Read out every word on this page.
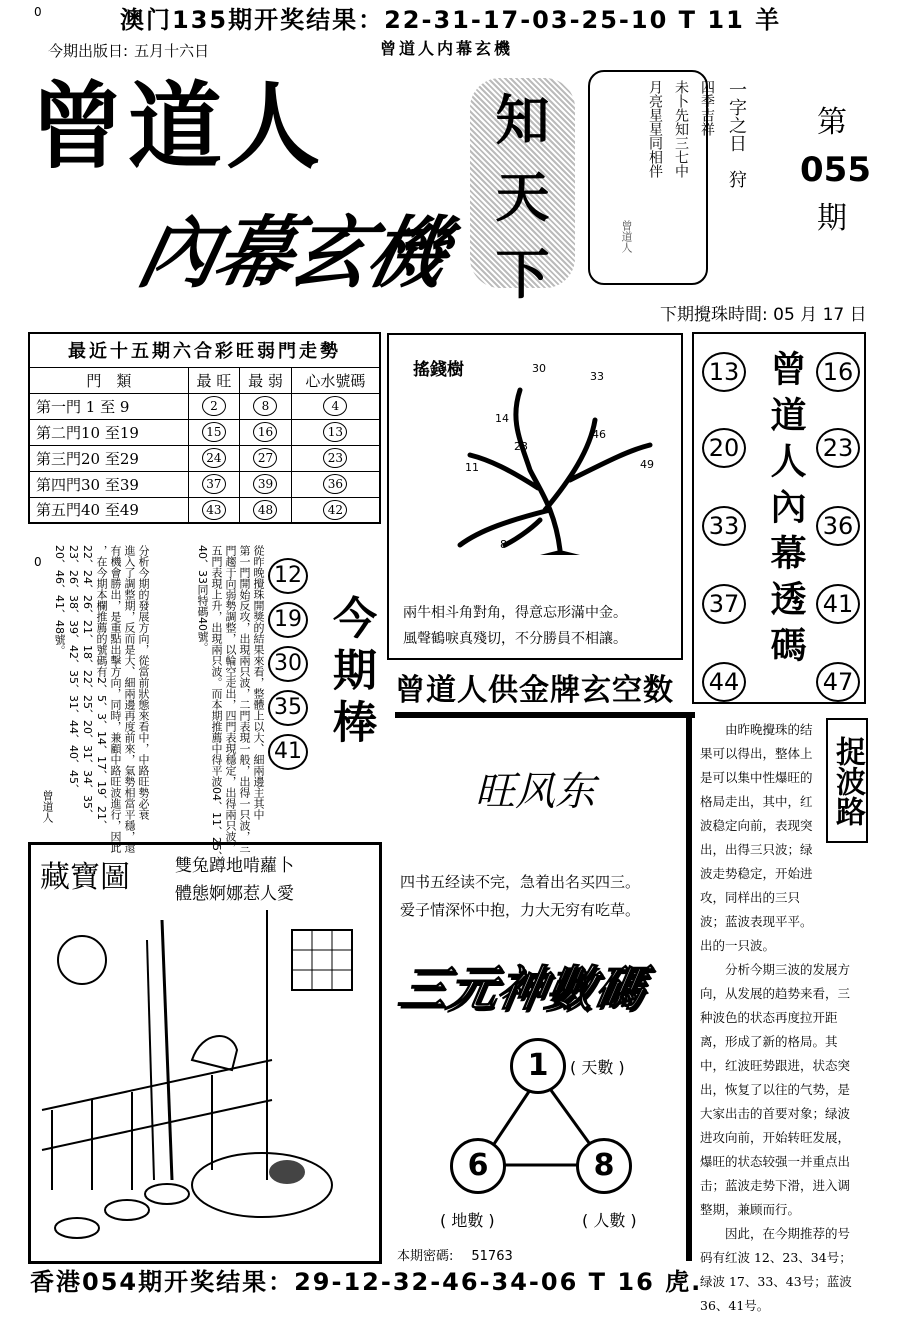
0	澳门135期开奖结果：22-31-17-03-25-10 T 11 羊
今期出版日: 五月十六日	曾道人内幕玄機
曾道人
內幕玄機
知
天
下
一字之日　狩
四季吉祥
未卜先知三七中
月亮星星同相伴
曾道人
第
055
期
下期攪珠時間: 05 月 17 日
最近十五期六合彩旺弱門走勢			
門　類	最 旺	最 弱	心水號碼
第一門 1 至 9	2	8	4
第二門10 至19	15	16	13
第三門20 至29	24	27	23
第四門30 至39	37	39	36
第五門40 至49	43	48	42
0	從昨晚攪珠開獎的結果來看，整體上以大、細兩邊主其中
第一門開始反攻，出現兩只波，二門表現一般，出得一只波，三
門趨于向弱勢調整，以輪空走出，四門表現穩定，出得兩只波，
五門表現上升，出現兩只波。而本期推薦中得平波04、11、25、
40、33同特碼40號。
分析今期的發展方向，從當前狀態來看中，中路旺勢必衰
進入了調整期，反而是大、細兩邊再度前來，氣勢相當平穩，還
有機會勝出，是重點出擊方向，同時，兼顧中路旺波進行，因此
，在今期本欄推薦的號碼有2、5、3、14、17、19、21、
22、24、26、21、18、22、25、20、31、34、35、
23、26、38、39、42、35、31、44、40、45、
20、46、41、48號。
曾道人
12
19
30
35
41
今期棒
搖錢樹	30
33
14
23
46
11	49
8
兩牛相斗角對角，得意忘形滿中金。
風聲鶴唳真殘切，不分勝員不相讓。
13
20
33
37
44
16
23
36
41
47
曾道人內幕透碼
曾道人供金牌玄空数
旺风东
四书五经读不完，急着出名买四三。
爱子情深怀中抱，力大无穷有吃草。
三元神數碼
1	( 天數 )
6
( 地數 )
8
( 人數 )
本期密碼: 51763

由昨晚攪珠的结果可以得出，整体上是可以集中性爆旺的格局走出，其中，红波稳定向前，表现突出，出得三只波；绿波走势稳定，开始进攻，同样出的三只波；蓝波表现平平。出的一只波。

分析今期三波的发展方向，从发展的趋势来看，三种波色的状态再度拉开距离，形成了新的格局。其中，红波旺势跟进，状态突出，恢复了以往的气势，是大家出击的首要对象；绿波进攻向前，开始转旺发展，爆旺的状态较强一并重点出击；蓝波走势下滑，进入调整期，兼顾而行。

因此，在今期推荐的号码有红波 12、23、34号；绿波 17、33、43号；蓝波36、41号。

捉波路
藏寶圖	雙兔蹲地啃蘿卜
體態婀娜惹人愛
香港054期开奖结果：29-12-32-46-34-06 T 16 虎.
